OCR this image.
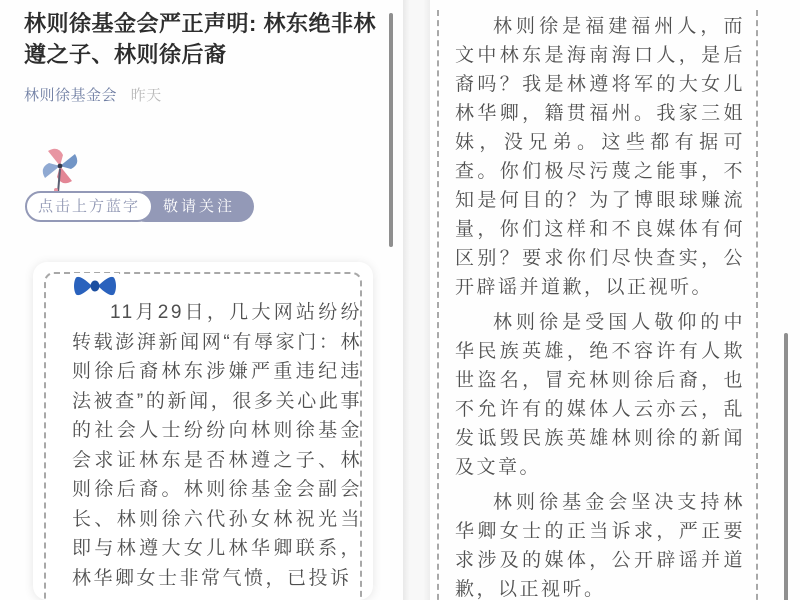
林则徐基金会严正声明: 林东绝非林遵之子、林则徐后裔
林则徐基金会 昨天
敬请关注
点击上方蓝字

11月29日，几大网站纷纷转载澎湃新闻网“有辱家门：林则徐后裔林东涉嫌严重违纪违法被查”的新闻，很多关心此事的社会人士纷纷向林则徐基金会求证林东是否林遵之子、林则徐后裔。林则徐基金会副会长、林则徐六代孙女林祝光当即与林遵大女儿林华卿联系，林华卿女士非常气愤，已投诉

林则徐是福建福州人，而文中林东是海南海口人，是后裔吗？我是林遵将军的大女儿林华卿，籍贯福州。我家三姐妹，没兄弟。这些都有据可查。你们极尽污蔑之能事，不知是何目的？为了博眼球赚流量，你们这样和不良媒体有何区别？要求你们尽快查实，公开辟谣并道歉，以正视听。

林则徐是受国人敬仰的中华民族英雄，绝不容许有人欺世盗名，冒充林则徐后裔，也不允许有的媒体人云亦云，乱发诋毁民族英雄林则徐的新闻及文章。

林则徐基金会坚决支持林华卿女士的正当诉求，严正要求涉及的媒体，公开辟谣并道歉，以正视听。
